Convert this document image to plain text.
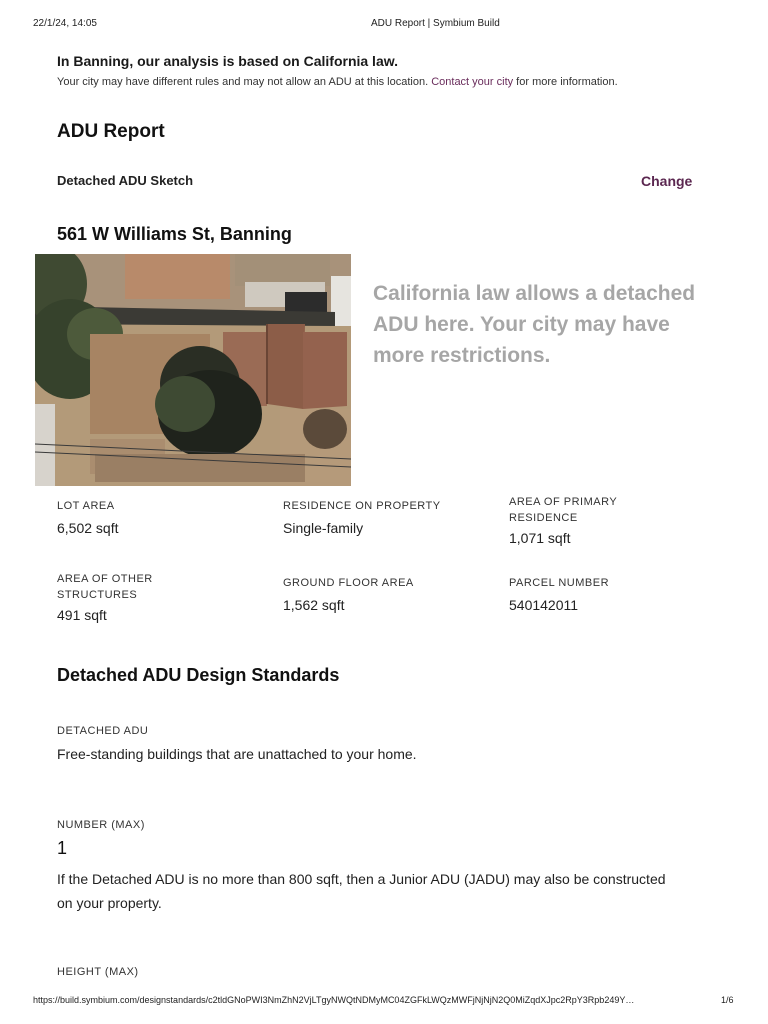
22/1/24, 14:05	ADU Report | Symbium Build
In Banning, our analysis is based on California law.
Your city may have different rules and may not allow an ADU at this location. Contact your city for more information.
ADU Report
Detached ADU Sketch	Change
561 W Williams St, Banning
California law allows a detached ADU here. Your city may have more restrictions.
LOT AREA
6,502 sqft
RESIDENCE ON PROPERTY
Single-family
AREA OF PRIMARY RESIDENCE
1,071 sqft
AREA OF OTHER STRUCTURES
491 sqft
GROUND FLOOR AREA
1,562 sqft
PARCEL NUMBER
540142011
Detached ADU Design Standards
DETACHED ADU
Free-standing buildings that are unattached to your home.
NUMBER (MAX)
1
If the Detached ADU is no more than 800 sqft, then a Junior ADU (JADU) may also be constructed on your property.
HEIGHT (MAX)
https://build.symbium.com/designstandards/c2tldGNoPWI3NmZhN2VjLTgyNWQtNDMyMC04ZGFkLWQzMWFjNjNjN2Q0MiZqdXJpc2RpY3Rpb249Y…	1/6
